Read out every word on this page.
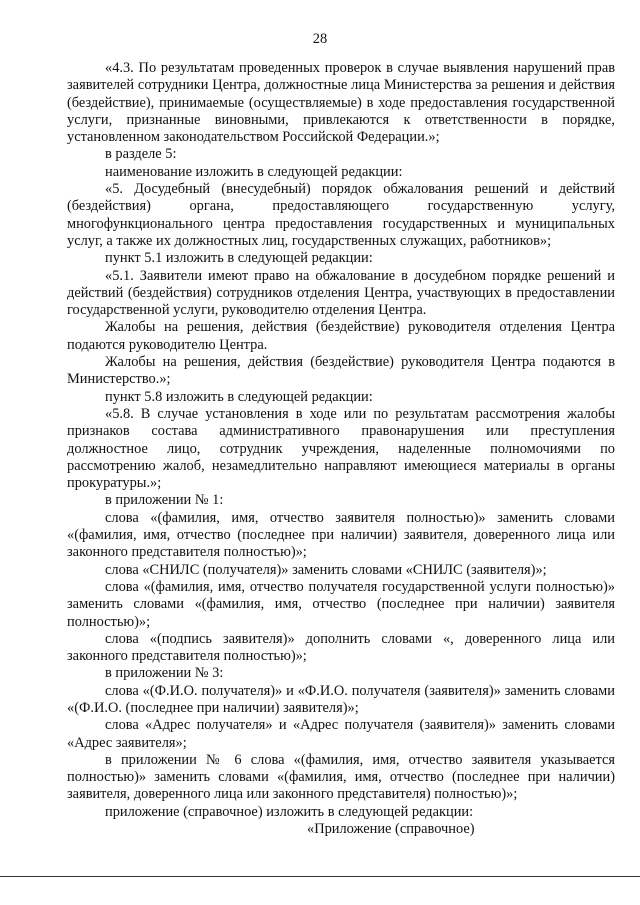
28

«4.3. По результатам проведенных проверок в случае выявления нарушений прав заявителей сотрудники Центра, должностные лица Министерства за решения и действия (бездействие), принимаемые (осуществляемые) в ходе предоставления государственной услуги, признанные виновными, привлекаются к ответственности в порядке, установленном законодательством Российской Федерации.»;

в разделе 5:

наименование изложить в следующей редакции:

«5. Досудебный (внесудебный) порядок обжалования решений и действий

(бездействия) органа, предоставляющего государственную услугу,

многофункционального центра предоставления государственных и муниципальных

услуг, а также их должностных лиц, государственных служащих, работников»;

пункт 5.1 изложить в следующей редакции:

«5.1. Заявители имеют право на обжалование в досудебном порядке решений и действий (бездействия) сотрудников отделения Центра, участвующих в предоставлении государственной услуги, руководителю отделения Центра.

Жалобы на решения, действия (бездействие) руководителя отделения Центра подаются руководителю Центра.

Жалобы на решения, действия (бездействие) руководителя Центра подаются в Министерство.»;

пункт 5.8 изложить в следующей редакции:

«5.8. В случае установления в ходе или по результатам рассмотрения жалобы

признаков состава административного правонарушения или преступления

должностное лицо, сотрудник учреждения, наделенные полномочиями по

рассмотрению жалоб, незамедлительно направляют имеющиеся материалы в органы прокуратуры.»;

в приложении № 1:

слова «(фамилия, имя, отчество заявителя полностью)» заменить словами «(фамилия, имя, отчество (последнее при наличии) заявителя, доверенного лица или законного представителя полностью)»;

слова «СНИЛС (получателя)» заменить словами «СНИЛС (заявителя)»;

слова «(фамилия, имя, отчество получателя государственной услуги полностью)» заменить словами «(фамилия, имя, отчество (последнее при наличии) заявителя полностью)»;

слова «(подпись заявителя)» дополнить словами «, доверенного лица или законного представителя полностью)»;

в приложении № 3:

слова «(Ф.И.О. получателя)» и «Ф.И.О. получателя (заявителя)» заменить словами «(Ф.И.О. (последнее при наличии) заявителя)»;

слова «Адрес получателя» и «Адрес получателя (заявителя)» заменить словами «Адрес заявителя»;

в приложении № 6 слова «(фамилия, имя, отчество заявителя указывается полностью)» заменить словами «(фамилия, имя, отчество (последнее при наличии) заявителя, доверенного лица или законного представителя) полностью)»;

приложение (справочное) изложить в следующей редакции:

«Приложение (справочное)
